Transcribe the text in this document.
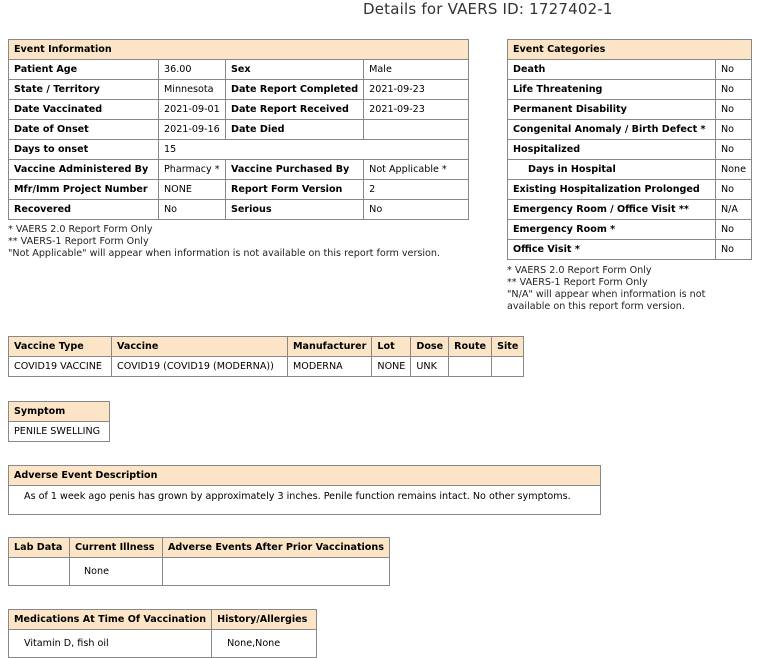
Details for VAERS ID: 1727402-1
Event Information			
Patient Age	36.00	Sex	Male
State / Territory	Minnesota	Date Report Completed	2021-09-23
Date Vaccinated	2021-09-01	Date Report Received	2021-09-23
Date of Onset	2021-09-16	Date Died	
Days to onset	15		
Vaccine Administered By	Pharmacy *	Vaccine Purchased By	Not Applicable *
Mfr/Imm Project Number	NONE	Report Form Version	2
Recovered	No	Serious	No
* VAERS 2.0 Report Form Only
** VAERS-1 Report Form Only
"Not Applicable" will appear when information is not available on this report form version.
Event Categories	
Death	No
Life Threatening	No
Permanent Disability	No
Congenital Anomaly / Birth Defect *	No
Hospitalized	No
Days in Hospital	None
Existing Hospitalization Prolonged	No
Emergency Room / Office Visit **	N/A
Emergency Room *	No
Office Visit *	No
* VAERS 2.0 Report Form Only
** VAERS-1 Report Form Only
"N/A" will appear when information is not
available on this report form version.
Vaccine Type	Vaccine	Manufacturer	Lot	Dose	Route	Site
COVID19 VACCINE	COVID19 (COVID19 (MODERNA))	MODERNA	NONE	UNK		
Symptom
PENILE SWELLING
Adverse Event Description
As of 1 week ago penis has grown by approximately 3 inches. Penile function remains intact. No other symptoms.
Lab Data	Current Illness	Adverse Events After Prior Vaccinations
	None	
Medications At Time Of Vaccination	History/Allergies
Vitamin D, fish oil	None,None
